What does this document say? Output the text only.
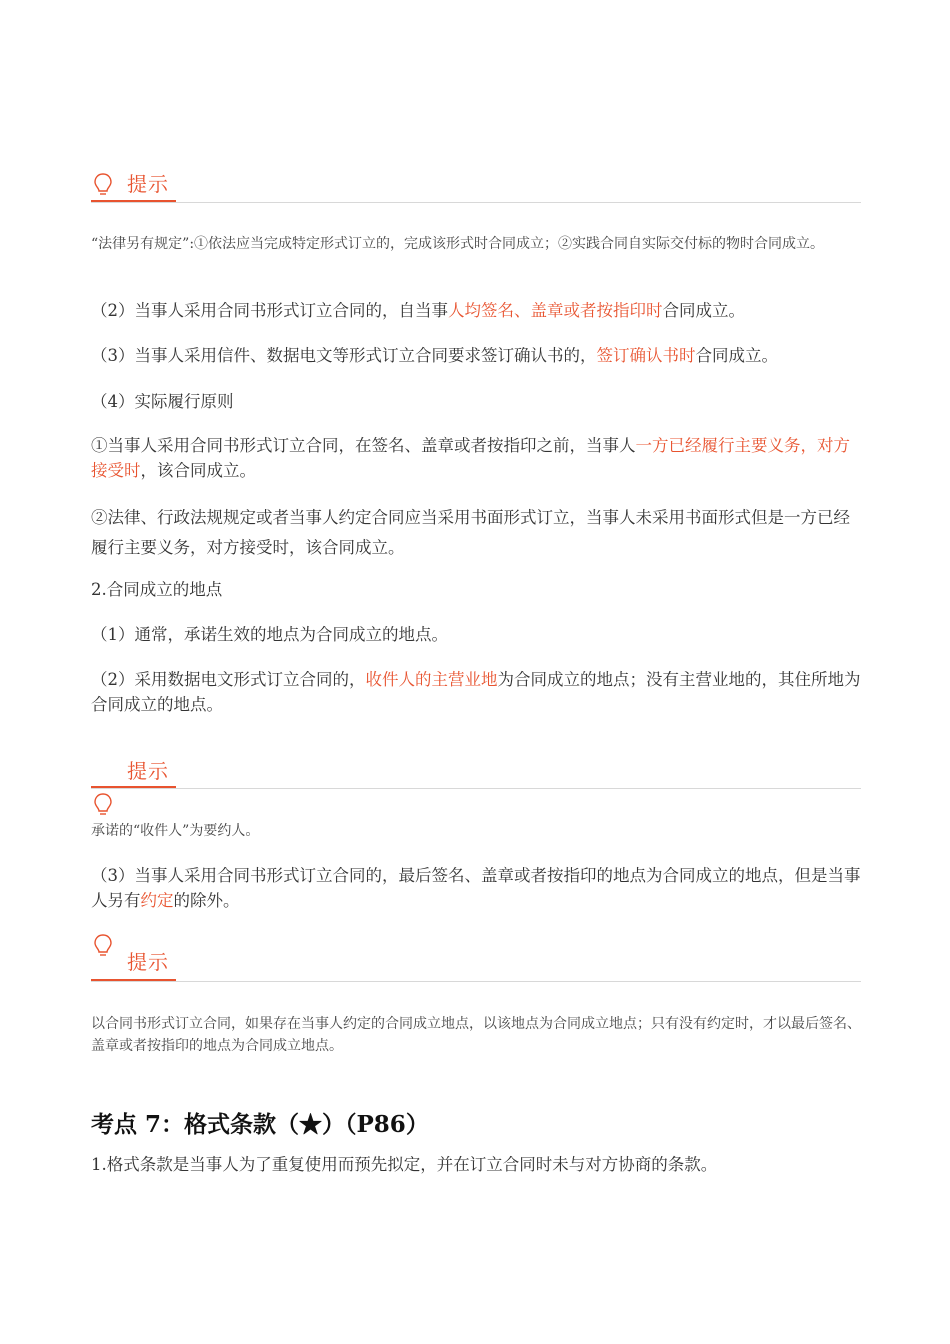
提示
“法律另有规定”:①依法应当完成特定形式订立的，完成该形式时合同成立；②实践合同自实际交付标的物时合同成立。
（2）当事人采用合同书形式订立合同的，自当事人均签名、盖章或者按指印时合同成立。
（3）当事人采用信件、数据电文等形式订立合同要求签订确认书的，签订确认书时合同成立。
（4）实际履行原则
①当事人采用合同书形式订立合同，在签名、盖章或者按指印之前，当事人一方已经履行主要义务，对方接受时，该合同成立。
②法律、行政法规规定或者当事人约定合同应当采用书面形式订立，当事人未采用书面形式但是一方已经履行主要义务，对方接受时，该合同成立。
2.合同成立的地点
（1）通常，承诺生效的地点为合同成立的地点。
（2）采用数据电文形式订立合同的，收件人的主营业地为合同成立的地点；没有主营业地的，其住所地为合同成立的地点。
提示
承诺的“收件人”为要约人。
（3）当事人采用合同书形式订立合同的，最后签名、盖章或者按指印的地点为合同成立的地点，但是当事人另有约定的除外。
提示
以合同书形式订立合同，如果存在当事人约定的合同成立地点，以该地点为合同成立地点；只有没有约定时，才以最后签名、盖章或者按指印的地点为合同成立地点。
考点 7：格式条款（★）（P86）
1.格式条款是当事人为了重复使用而预先拟定，并在订立合同时未与对方协商的条款。
